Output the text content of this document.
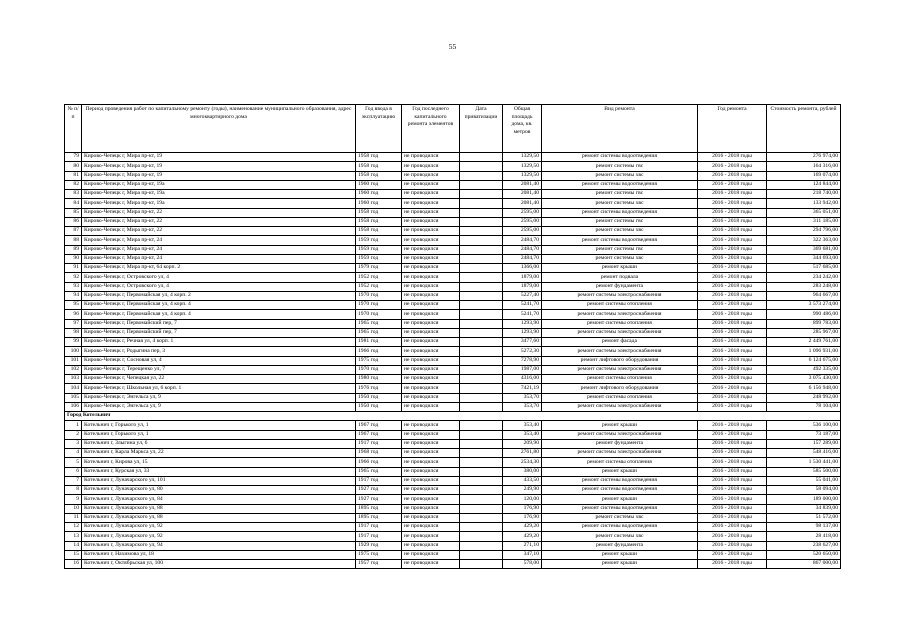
55
№ п/п	Период проведения работ по капитальному ремонту (годы), наименование муниципального образования, адрес многоквартирного дома	Год ввода в эксплуатацию	Год последнего капитального ремонта элементов	Дата приватизации	Общая площадь дома, кв. метров	Вид ремонта	Год ремонта	Стоимость ремонта, рублей
79	Кирово-Чепецк г, Мира пр-кт, 19	1958 год	не проводился		1329,50	ремонт системы водоотведения	2016 - 2018 годы	276 974,00
80	Кирово-Чепецк г, Мира пр-кт, 19	1958 год	не проводился		1329,50	ремонт системы гвс	2016 - 2018 годы	164 316,00
81	Кирово-Чепецк г, Мира пр-кт, 19	1958 год	не проводился		1329,50	ремонт системы хвс	2016 - 2018 годы	169 074,00
82	Кирово-Чепецк г, Мира пр-кт, 19а	1960 год	не проводился		2081,40	ремонт системы водоотведения	2016 - 2018 годы	124 844,00
83	Кирово-Чепецк г, Мира пр-кт, 19а	1960 год	не проводился		2081,40	ремонт системы гвс	2016 - 2018 годы	218 740,00
84	Кирово-Чепецк г, Мира пр-кт, 19а	1960 год	не проводился		2081,40	ремонт системы хвс	2016 - 2018 годы	133 942,00
85	Кирово-Чепецк г, Мира пр-кт, 22	1958 год	не проводился		2595,00	ремонт системы водоотведения	2016 - 2018 годы	365 051,00
86	Кирово-Чепецк г, Мира пр-кт, 22	1958 год	не проводился		2595,00	ремонт системы гвс	2016 - 2018 годы	311 185,00
87	Кирово-Чепецк г, Мира пр-кт, 22	1958 год	не проводился		2595,00	ремонт системы хвс	2016 - 2018 годы	294 796,00
88	Кирово-Чепецк г, Мира пр-кт, 24	1959 год	не проводился		2484,70	ремонт системы водоотведения	2016 - 2018 годы	322 363,00
89	Кирово-Чепецк г, Мира пр-кт, 24	1959 год	не проводился		2484,70	ремонт системы гвс	2016 - 2018 годы	369 681,00
90	Кирово-Чепецк г, Мира пр-кт, 24	1959 год	не проводился		2484,70	ремонт системы хвс	2016 - 2018 годы	344 693,00
91	Кирово-Чепецк г, Мира пр-кт, 64 корп. 2	1979 год	не проводился		1366,00	ремонт крыши	2016 - 2018 годы	517 685,00
92	Кирово-Чепецк г, Островского ул, 4	1952 год	не проводился		1879,00	ремонт подвала	2016 - 2018 годы	234 242,00
93	Кирово-Чепецк г, Островского ул, 4	1952 год	не проводился		1879,00	ремонт фундамента	2016 - 2018 годы	283 248,00
94	Кирово-Чепецк г, Первомайская ул, 4 корп. 2	1970 год	не проводился		5227,40	ремонт системы электроснабжения	2016 - 2018 годы	964 667,00
95	Кирово-Чепецк г, Первомайская ул, 4 корп. 4	1970 год	не проводился		5241,70	ремонт системы отопления	2016 - 2018 годы	3 573 274,00
96	Кирово-Чепецк г, Первомайская ул, 4 корп. 4	1970 год	не проводился		5241,70	ремонт системы электроснабжения	2016 - 2018 годы	990 486,00
97	Кирово-Чепецк г, Первомайский пер, 7	1965 год	не проводился		1293,90	ремонт системы отопления	2016 - 2018 годы	899 783,00
98	Кирово-Чепецк г, Первомайский пер, 7	1965 год	не проводился		1293,90	ремонт системы электроснабжения	2016 - 2018 годы	285 967,00
99	Кирово-Чепецк г, Речная ул, 4 корп. 1	1981 год	не проводился		3477,60	ремонт фасада	2016 - 2018 годы	2 449 761,00
100	Кирово-Чепецк г, Родыгина пер, 3	1966 год	не проводился		5272,30	ремонт системы электроснабжения	2016 - 2018 годы	1 096 931,00
101	Кирово-Чепецк г, Сосновая ул, 4	1975 год	не проводился		7278,90	ремонт лифтового оборудования	2016 - 2018 годы	6 124 675,00
102	Кирово-Чепецк г, Терещенко ул, 7	1970 год	не проводился		1987,00	ремонт системы электроснабжения	2016 - 2018 годы	492 335,00
103	Кирово-Чепецк г, Чепецкая ул, 22	1980 год	не проводился		4316,00	ремонт системы отопления	2016 - 2018 годы	3 075 430,00
104	Кирово-Чепецк г, Школьная ул, 6 корп. 1	1976 год	не проводился		7421,19	ремонт лифтового оборудования	2016 - 2018 годы	6 156 948,00
105	Кирово-Чепецк г, Энгельса ул, 9	1950 год	не проводился		353,70	ремонт системы отопления	2016 - 2018 годы	248 992,00
106	Кирово-Чепецк г, Энгельса ул, 9	1950 год	не проводился		353,70	ремонт системы электроснабжения	2016 - 2018 годы	78 104,00
Город Котельнич								
1	Котельнич г, Горького ул, 1	1967 год	не проводился		353,40	ремонт крыши	2016 - 2018 годы	536 100,00
2	Котельнич г, Горького ул, 1	1967 год	не проводился		353,40	ремонт системы электроснабжения	2016 - 2018 годы	73 187,00
3	Котельнич г, Злыгина ул, 6	1917 год	не проводился		209,90	ремонт фундамента	2016 - 2018 годы	157 289,00
4	Котельнич г, Карла Маркса ул, 22	1968 год	не проводился		2761,80	ремонт системы электроснабжения	2016 - 2018 годы	548 416,00
5	Котельнич г, Кирова ул, 15	1966 год	не проводился		2534,30	ремонт системы отопления	2016 - 2018 годы	1 530 441,00
6	Котельнич г, Курская ул, 33	1965 год	не проводился		380,00	ремонт крыши	2016 - 2018 годы	585 500,00
7	Котельнич г, Луначарского ул, 101	1917 год	не проводился		433,50	ремонт системы водоотведения	2016 - 2018 годы	55 041,00
8	Котельнич г, Луначарского ул, 80	1927 год	не проводился		249,90	ремонт системы водоотведения	2016 - 2018 годы	58 094,00
9	Котельнич г, Луначарского ул, 84	1927 год	не проводился		120,00	ремонт крыши	2016 - 2018 годы	189 000,00
10	Котельнич г, Луначарского ул, 88	1895 год	не проводился		176,90	ремонт системы водоотведения	2016 - 2018 годы	34 839,00
11	Котельнич г, Луначарского ул, 88	1895 год	не проводился		176,90	ремонт системы хвс	2016 - 2018 годы	51 572,00
12	Котельнич г, Луначарского ул, 92	1917 год	не проводился		429,20	ремонт системы водоотведения	2016 - 2018 годы	98 137,00
13	Котельнич г, Луначарского ул, 92	1917 год	не проводился		429,20	ремонт системы хвс	2016 - 2018 годы	28 418,00
14	Котельнич г, Луначарского ул, 94	1929 год	не проводился		271,10	ремонт фундамента	2016 - 2018 годы	238 627,00
15	Котельнич г, Нахимова ул, 18	1975 год	не проводился		347,10	ремонт крыши	2016 - 2018 годы	520 650,00
16	Котельнич г, Октябрьская ул, 100	1957 год	не проводился		578,00	ремонт крыши	2016 - 2018 годы	867 000,00
